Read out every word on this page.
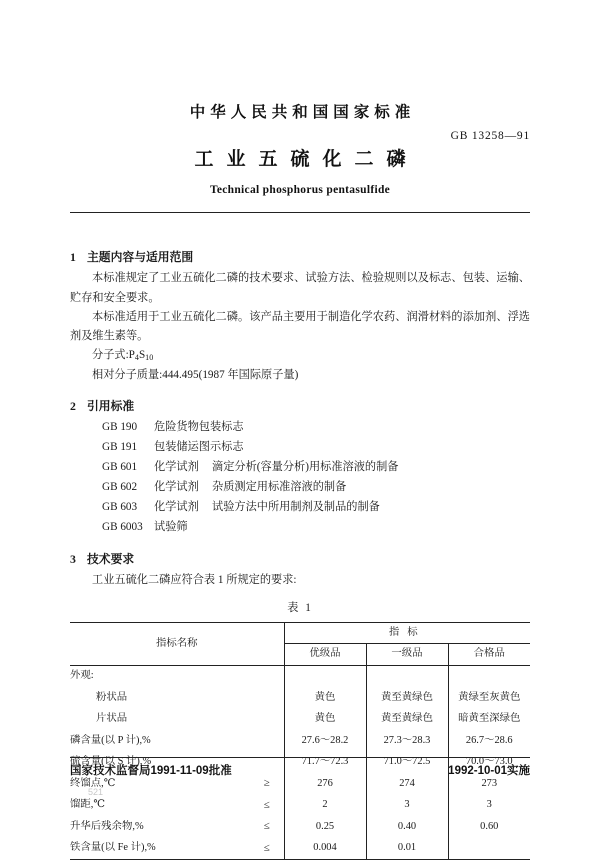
中华人民共和国国家标准
GB 13258—91
工业五硫化二磷
Technical phosphorus pentasulfide
1 主题内容与适用范围

本标准规定了工业五硫化二磷的技术要求、试验方法、检验规则以及标志、包装、运输、贮存和安全要求。

本标准适用于工业五硫化二磷。该产品主要用于制造化学农药、润滑材料的添加剂、浮选剂及维生素等。

分子式$:P_4S_{10}$
相对分子质量:444.495(1987 年国际原子量)
2 引用标准
GB 190 危险货物包装标志
GB 191 包装储运图示标志
GB 601 化学试剂 滴定分析(容量分析)用标准溶液的制备
GB 602 化学试剂 杂质测定用标准溶液的制备
GB 603 化学试剂 试验方法中所用制剂及制品的制备
GB 6003 试验筛
3 技术要求

工业五硫化二磷应符合表 1 所规定的要求:

表 1
指标名称		指标		
		优级品	一级品	合格品
外观:				
粉状品		黄色	黄至黄绿色	黄绿至灰黄色
片状品		黄色	黄至黄绿色	暗黄至深绿色
磷含量(以 P 计),%		27.6～28.2	27.3～28.3	26.7～28.6
硫含量(以 S 计),%		71.7～72.3	71.0～72.5	70.0～73.0
终馏点,℃	≥	276	274	273
馏距,℃	≤	2	3	3
升华后残余物,%	≤	0.25	0.40	0.60
铁含量(以 Fe 计),%	≤	0.004	0.01	
国家技术监督局1991-11-09批准	1992-10-01实施
521
